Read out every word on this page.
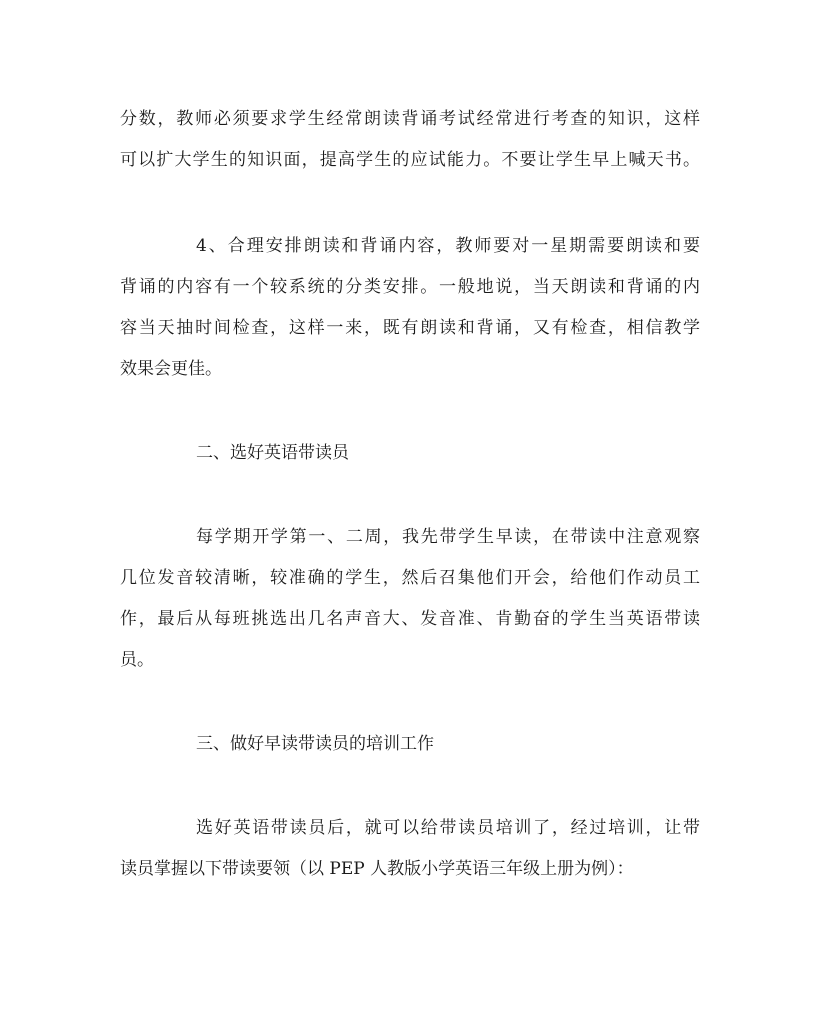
分数，教师必须要求学生经常朗读背诵考试经常进行考查的知识，这样
可以扩大学生的知识面，提高学生的应试能力。不要让学生早上喊天书。
4、合理安排朗读和背诵内容，教师要对一星期需要朗读和要
背诵的内容有一个较系统的分类安排。一般地说，当天朗读和背诵的内
容当天抽时间检查，这样一来，既有朗读和背诵，又有检查，相信教学
效果会更佳。
二、选好英语带读员
每学期开学第一、二周，我先带学生早读，在带读中注意观察
几位发音较清晰，较准确的学生，然后召集他们开会，给他们作动员工
作，最后从每班挑选出几名声音大、发音准、肯勤奋的学生当英语带读
员。
三、做好早读带读员的培训工作
选好英语带读员后，就可以给带读员培训了，经过培训，让带
读员掌握以下带读要领（以 PEP 人教版小学英语三年级上册为例）：
